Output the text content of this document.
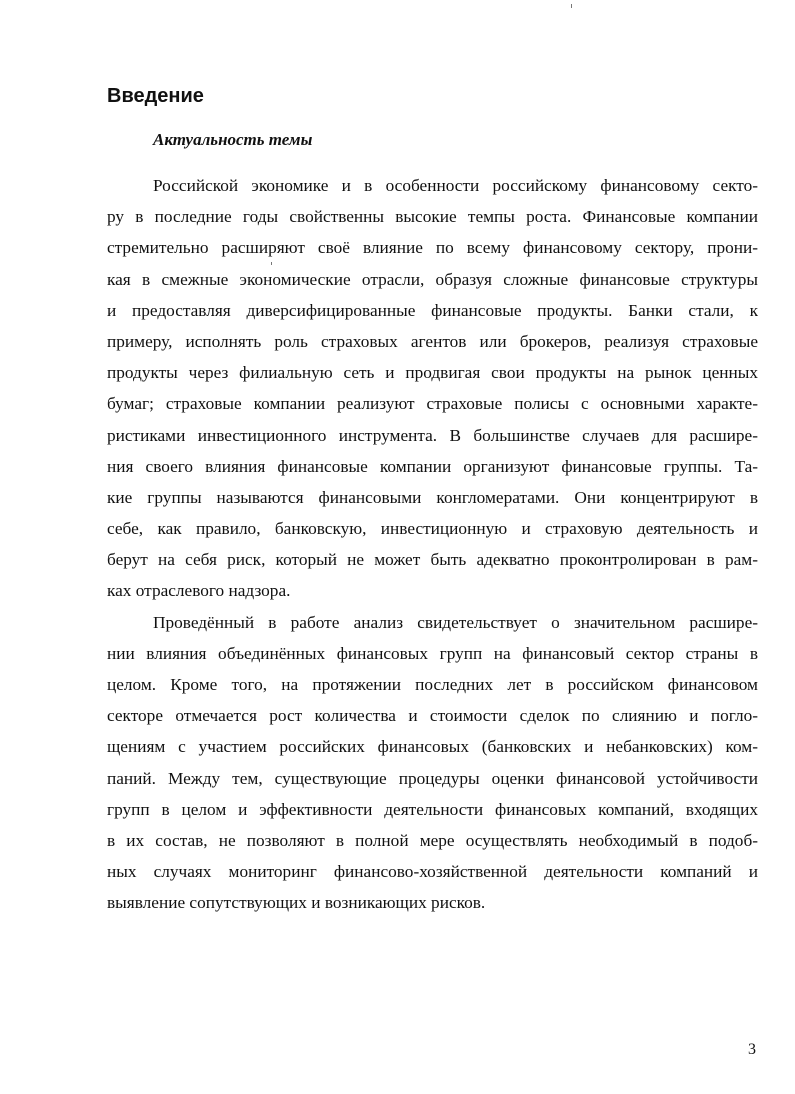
Введение
Актуальность темы
Российской экономике и в особенности российскому финансовому секто-
ру в последние годы свойственны высокие темпы роста. Финансовые компании
стремительно расширяют своё влияние по всему финансовому сектору, прони-
кая в смежные экономические отрасли, образуя сложные финансовые структуры
и предоставляя диверсифицированные финансовые продукты. Банки стали, к
примеру, исполнять роль страховых агентов или брокеров, реализуя страховые
продукты через филиальную сеть и продвигая свои продукты на рынок ценных
бумаг; страховые компании реализуют страховые полисы с основными характе-
ристиками инвестиционного инструмента. В большинстве случаев для расшире-
ния своего влияния финансовые компании организуют финансовые группы. Та-
кие группы называются финансовыми конгломератами. Они концентрируют в
себе, как правило, банковскую, инвестиционную и страховую деятельность и
берут на себя риск, который не может быть адекватно проконтролирован в рам-
ках отраслевого надзора.
Проведённый в работе анализ свидетельствует о значительном расшире-
нии влияния объединённых финансовых групп на финансовый сектор страны в
целом. Кроме того, на протяжении последних лет в российском финансовом
секторе отмечается рост количества и стоимости сделок по слиянию и погло-
щениям с участием российских финансовых (банковских и небанковских) ком-
паний. Между тем, существующие процедуры оценки финансовой устойчивости
групп в целом и эффективности деятельности финансовых компаний, входящих
в их состав, не позволяют в полной мере осуществлять необходимый в подоб-
ных случаях мониторинг финансово-хозяйственной деятельности компаний и
выявление сопутствующих и возникающих рисков.
3
